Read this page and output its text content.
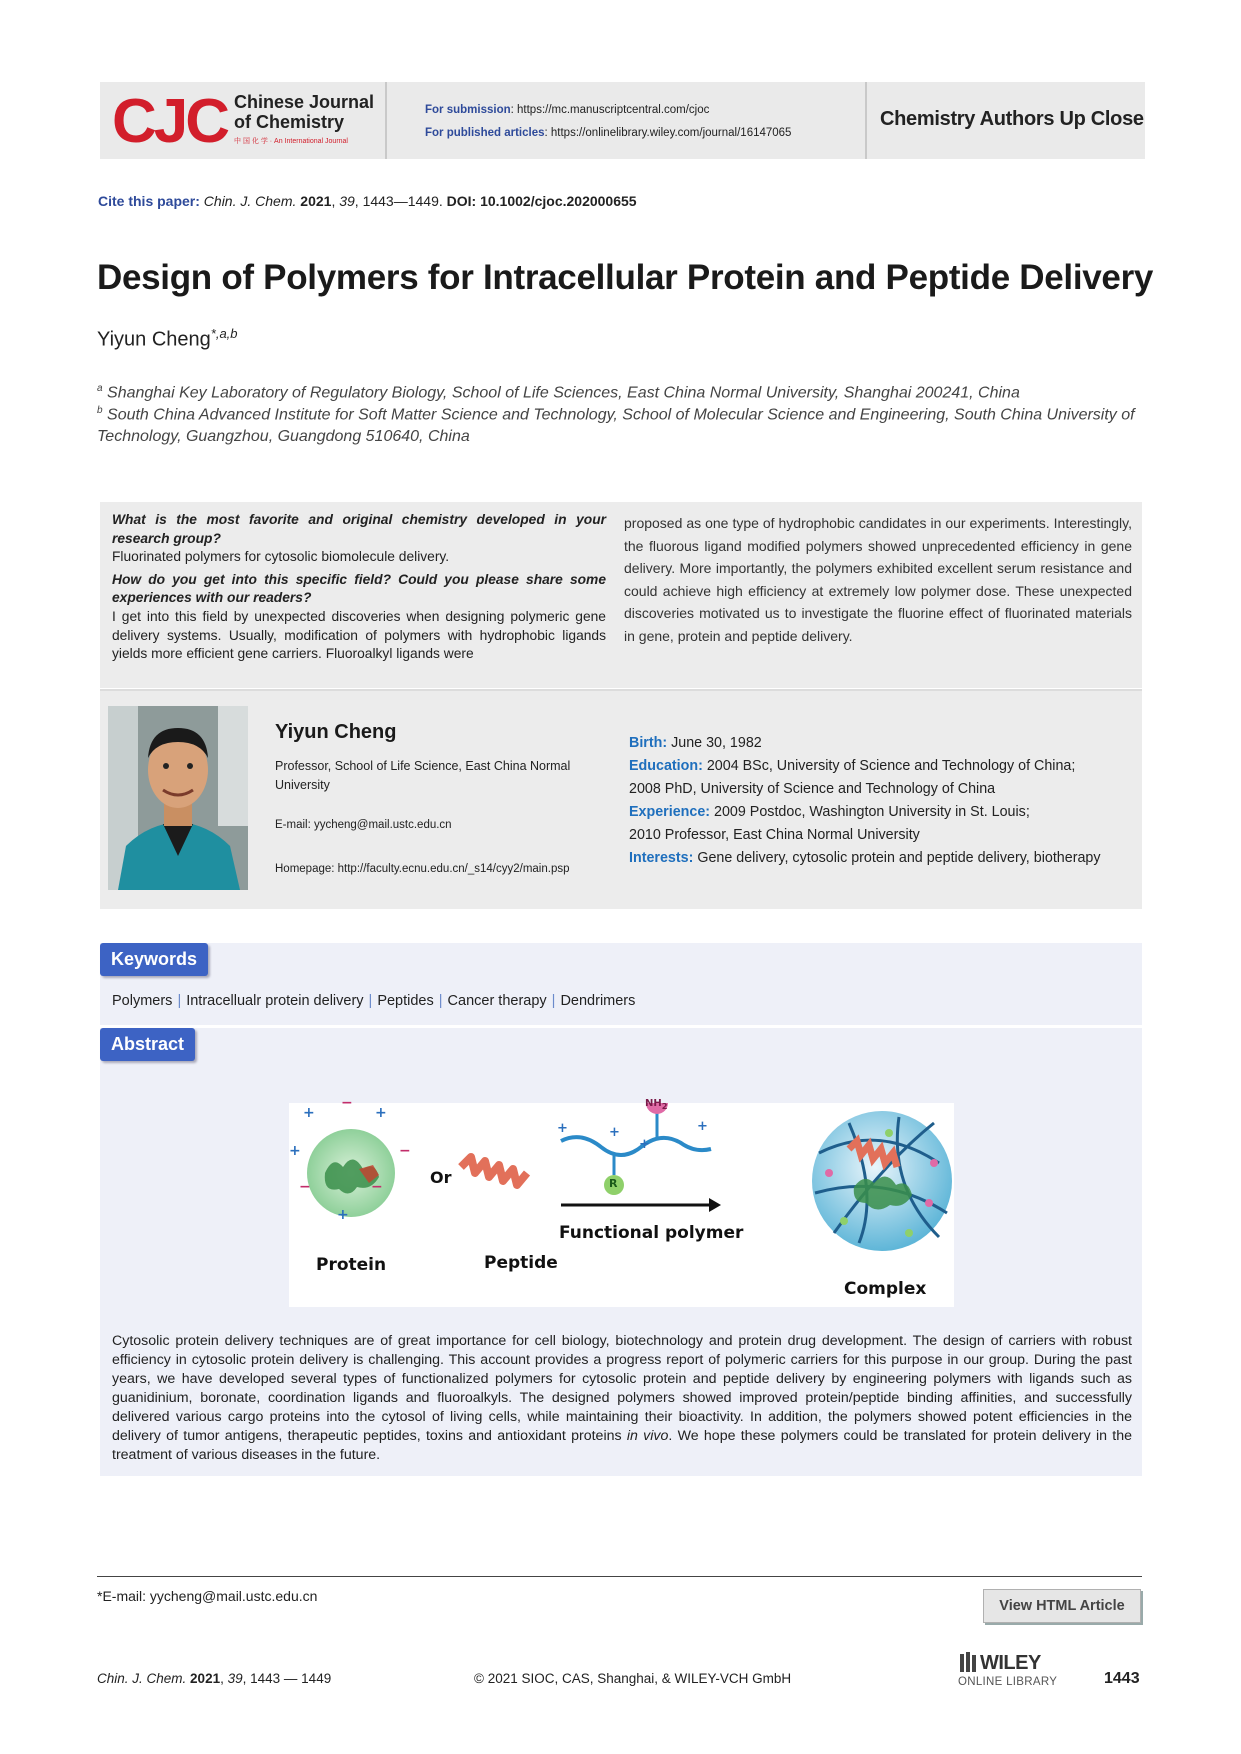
CJC Chinese Journal
of Chemistry
中 国 化 学 · An International Journal
For submission: https://mc.manuscriptcentral.com/cjoc
For published articles: https://onlinelibrary.wiley.com/journal/16147065
Chemistry Authors Up Close
Cite this paper: Chin. J. Chem. 2021, 39, 1443—1449. DOI: 10.1002/cjoc.202000655
Design of Polymers for Intracellular Protein and Peptide Delivery
Yiyun Cheng$^{*,a,b}$
$^a$ Shanghai Key Laboratory of Regulatory Biology, School of Life Sciences, East China Normal University, Shanghai 200241, China
$^b$ South China Advanced Institute for Soft Matter Science and Technology, School of Molecular Science and Engineering, South China University of Technology, Guangzhou, Guangdong 510640, China
What is the most favorite and original chemistry developed in your research group?
Fluorinated polymers for cytosolic biomolecule delivery.
How do you get into this specific field? Could you please share some experiences with our readers?
I get into this field by unexpected discoveries when designing polymeric gene delivery systems. Usually, modification of polymers with hydrophobic ligands yields more efficient gene carriers. Fluoroalkyl ligands were
proposed as one type of hydrophobic candidates in our experiments. Interestingly, the fluorous ligand modified polymers showed unprecedented efficiency in gene delivery. More importantly, the polymers exhibited excellent serum resistance and could achieve high efficiency at extremely low polymer dose. These unexpected discoveries motivated us to investigate the fluorine effect of fluorinated materials in gene, protein and peptide delivery.
Yiyun Cheng
Professor, School of Life Science, East China Normal University
E-mail: yycheng@mail.ustc.edu.cn
Homepage: http://faculty.ecnu.edu.cn/_s14/cyy2/main.psp
Birth: June 30, 1982
Education: 2004 BSc, University of Science and Technology of China;
2008 PhD, University of Science and Technology of China
Experience: 2009 Postdoc, Washington University in St. Louis;
2010 Professor, East China Normal University
Interests: Gene delivery, cytosolic protein and peptide delivery, biotherapy
Keywords
Polymers | Intracellualr protein delivery | Peptides | Cancer therapy | Dendrimers
Abstract
+
−
+
+	−
−	−
+
Protein
Or
Peptide
$NH_2$
R
+	+
+
+
Functional polymer
Complex
Cytosolic protein delivery techniques are of great importance for cell biology, biotechnology and protein drug development. The design of carriers with robust efficiency in cytosolic protein delivery is challenging. This account provides a progress report of polymeric carriers for this purpose in our group. During the past years, we have developed several types of functionalized polymers for cytosolic protein and peptide delivery by engineering polymers with ligands such as guanidinium, boronate, coordination ligands and fluoroalkyls. The designed polymers showed improved protein/peptide binding affinities, and successfully delivered various cargo proteins into the cytosol of living cells, while maintaining their bioactivity. In addition, the polymers showed potent efficiencies in the delivery of tumor antigens, therapeutic peptides, toxins and antioxidant proteins in vivo. We hope these polymers could be translated for protein delivery in the treatment of various diseases in the future.
*E-mail: yycheng@mail.ustc.edu.cn
View HTML Article
Chin. J. Chem. 2021, 39, 1443 — 1449	© 2021 SIOC, CAS, Shanghai, & WILEY-VCH GmbH
WILEY
ONLINE LIBRARY	1443
